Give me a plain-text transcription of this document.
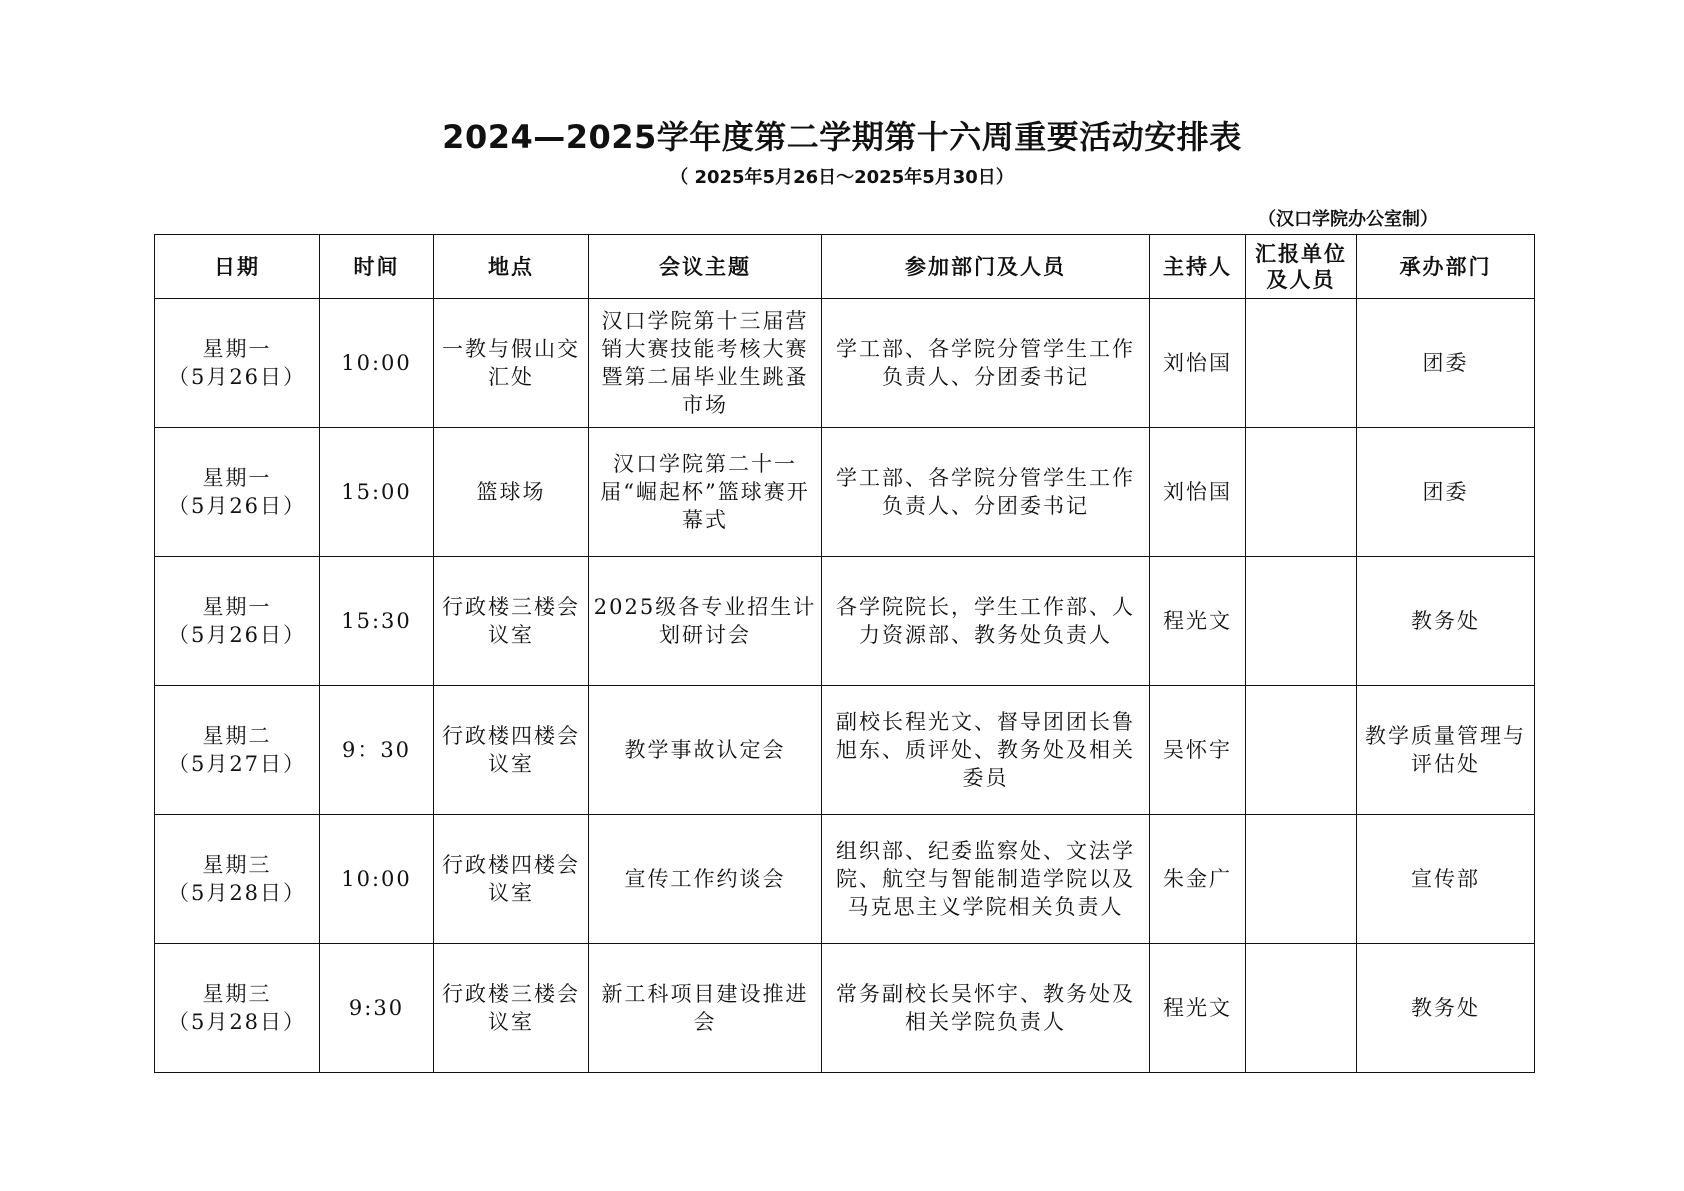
2024—2025学年度第二学期第十六周重要活动安排表
（ 2025年5月26日～2025年5月30日）
（汉口学院办公室制）
日期	时间	地点	会议主题	参加部门及人员	主持人	汇报单位及人员	承办部门

星期一
（5月26日）	10:00	一教与假山交汇处	汉口学院第十三届营销大赛技能考核大赛暨第二届毕业生跳蚤市场	学工部、各学院分管学生工作负责人、分团委书记	刘怡国		团委

星期一
（5月26日）	15:00	篮球场	汉口学院第二十一届“崛起杯”篮球赛开幕式	学工部、各学院分管学生工作负责人、分团委书记	刘怡国		团委

星期一
（5月26日）	15:30	行政楼三楼会议室	2025级各专业招生计划研讨会	各学院院长，学生工作部、人力资源部、教务处负责人	程光文		教务处

星期二
（5月27日）	9：30	行政楼四楼会议室	教学事故认定会	副校长程光文、督导团团长鲁旭东、质评处、教务处及相关委员	吴怀宇		教学质量管理与评估处

星期三
（5月28日）	10:00	行政楼四楼会议室	宣传工作约谈会	组织部、纪委监察处、文法学院、航空与智能制造学院以及马克思主义学院相关负责人	朱金广		宣传部

星期三
（5月28日）	9:30	行政楼三楼会议室	新工科项目建设推进会	常务副校长吴怀宇、教务处及相关学院负责人	程光文		教务处
